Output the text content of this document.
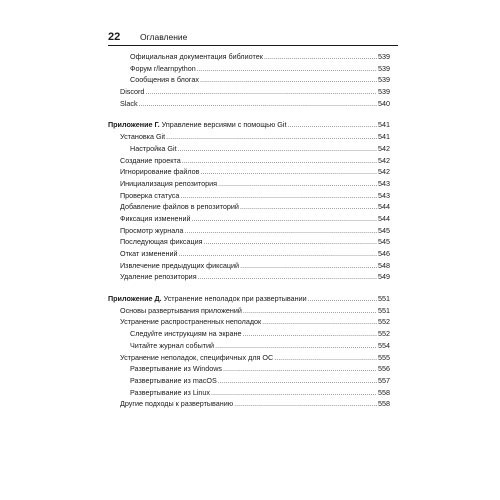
22 Оглавление
Официальная документация библиотек . . .	539
Форум r/learnpython . . .	539
Сообщения в блогах . . .	539
Discord . . .	539
Slack . . .	540
Приложение Г. Управление версиями с помощью Git . . .	541
Установка Git . . .	541
Настройка Git . . .	542
Создание проекта . . .	542
Игнорирование файлов . . .	542
Инициализация репозитория . . .	543
Проверка статуса . . .	543
Добавление файлов в репозиторий . . .	544
Фиксация изменений . . .	544
Просмотр журнала . . .	545
Последующая фиксация . . .	545
Откат изменений . . .	546
Извлечение предыдущих фиксаций . . .	548
Удаление репозитория . . .	549
Приложение Д. Устранение неполадок при развертывании . . .	551
Основы развертывания приложений . . .	551
Устранение распространенных неполадок . . .	552
Следуйте инструкциям на экране . . .	552
Читайте журнал событий . . .	554
Устранение неполадок, специфичных для ОС . . .	555
Развертывание из Windows . . .	556
Развертывание из macOS . . .	557
Развертывание из Linux . . .	558
Другие подходы к развертыванию . . .	558
